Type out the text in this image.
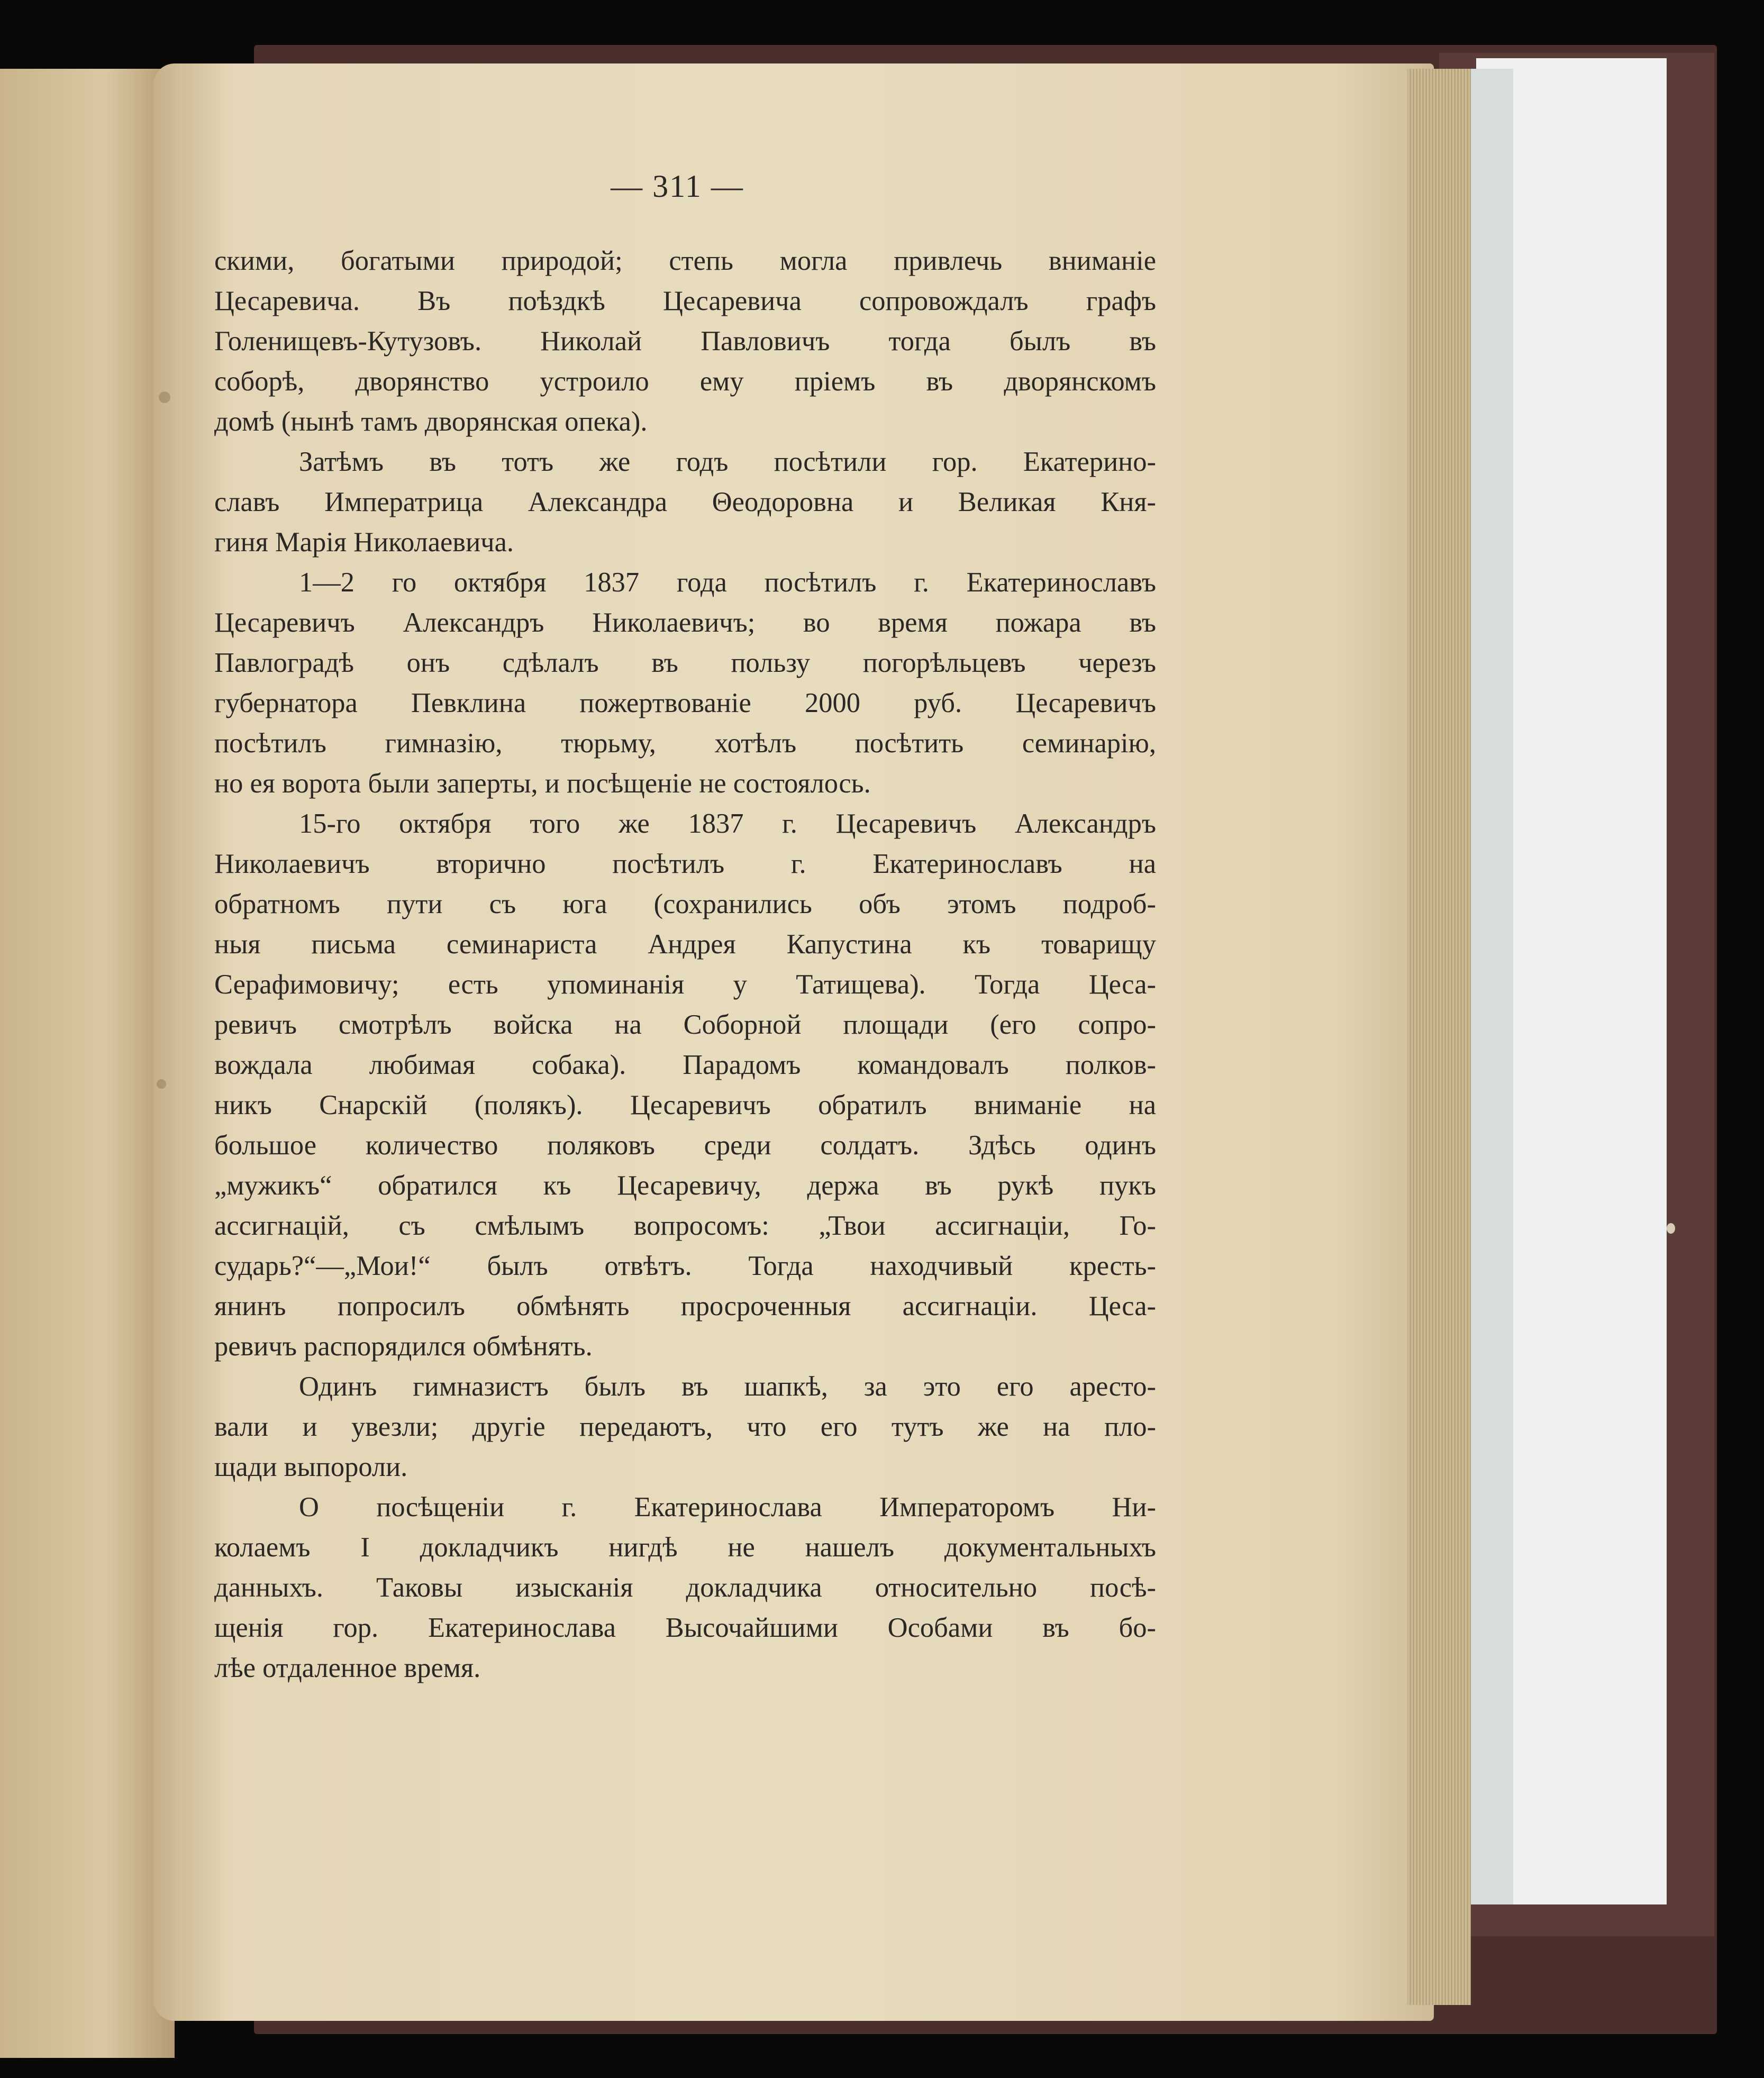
— 311 —
скими, богатыми природой; степь могла привлечь вниманіе
Цесаревича. Въ поѣздкѣ Цесаревича сопровождалъ графъ
Голенищевъ-Кутузовъ. Николай Павловичъ тогда былъ въ
соборѣ, дворянство устроило ему пріемъ въ дворянскомъ
домѣ (нынѣ тамъ дворянская опека).
Затѣмъ въ тотъ же годъ посѣтили гор. Екатерино-
славъ Императрица Александра Θеодоровна и Великая Кня-
гиня Марія Николаевича.
1—2 го октября 1837 года посѣтилъ г. Екатеринославъ
Цесаревичъ Александръ Николаевичъ; во время пожара въ
Павлоградѣ онъ сдѣлалъ въ пользу погорѣльцевъ черезъ
губернатора Певклина пожертвованіе 2000 руб. Цесаревичъ
посѣтилъ гимназію, тюрьму, хотѣлъ посѣтить семинарію,
но ея ворота были заперты, и посѣщеніе не состоялось.
15-го октября того же 1837 г. Цесаревичъ Александръ
Николаевичъ вторично посѣтилъ г. Екатеринославъ на
обратномъ пути съ юга (сохранились объ этомъ подроб-
ныя письма семинариста Андрея Капустина къ товарищу
Серафимовичу; есть упоминанія у Татищева). Тогда Цеса-
ревичъ смотрѣлъ войска на Соборной площади (его сопро-
вождала любимая собака). Парадомъ командовалъ полков-
никъ Снарскій (полякъ). Цесаревичъ обратилъ вниманіе на
большое количество поляковъ среди солдатъ. Здѣсь одинъ
„мужикъ“ обратился къ Цесаревичу, держа въ рукѣ пукъ
ассигнацій, съ смѣлымъ вопросомъ: „Твои ассигнаціи, Го-
сударь?“—„Мои!“ былъ отвѣтъ. Тогда находчивый кресть-
янинъ попросилъ обмѣнять просроченныя ассигнаціи. Цеса-
ревичъ распорядился обмѣнять.
Одинъ гимназистъ былъ въ шапкѣ, за это его аресто-
вали и увезли; другіе передаютъ, что его тутъ же на пло-
щади выпороли.
О посѣщеніи г. Екатеринослава Императоромъ Ни-
колаемъ I докладчикъ нигдѣ не нашелъ документальныхъ
данныхъ. Таковы изысканія докладчика относительно посѣ-
щенія гор. Екатеринослава Высочайшими Особами въ бо-
лѣе отдаленное время.
